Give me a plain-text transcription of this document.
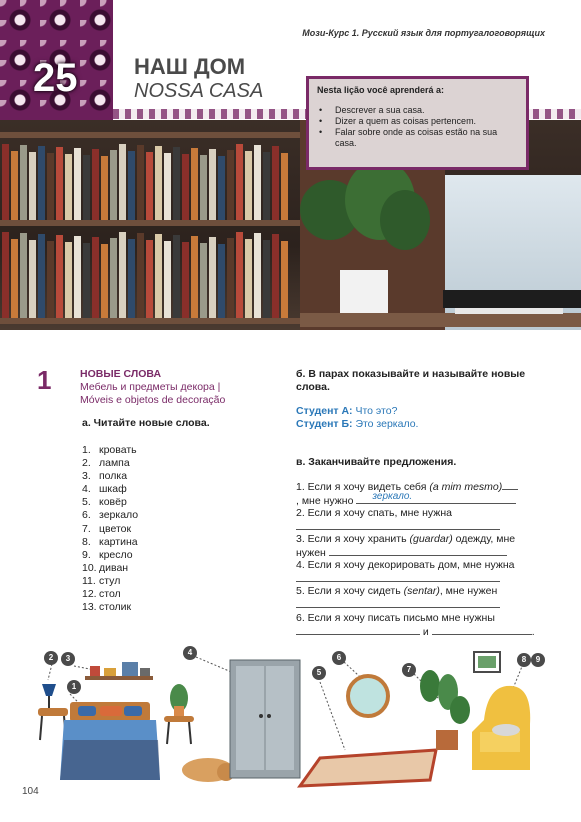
25
Мози-Курс 1. Русский язык для португалоговорящих
НАШ ДОМ
NOSSA CASA	Nesta lição você aprenderá a:
• Descrever a sua casa.
• Dizer a quem as coisas pertencem.
• Falar sobre onde as coisas estão na sua casa.
1	НОВЫЕ СЛОВА
Мебель и предметы декора |
Móveis e objetos de decoração
а. Читайте новые слова.
1. кровать
2. лампа
3. полка
4. шкаф
5. ковёр
6. зеркало
7. цветок
8. картина
9. кресло
10. диван
11. стул
12. стол
13. столик
б. В парах показывайте и называйте новые слова.
Студент А: Что это?
Студент Б: Это зеркало.
в. Заканчивайте предложения.
1. Если я хочу видеть себя (a mim mesmo)
, мне нужно зеркало.
2. Если я хочу спать, мне нужна
3. Если я хочу хранить (guardar) одежду, мне
нужен
4. Если я хочу декорировать дом, мне нужна
5. Если я хочу сидеть (sentar), мне нужен
6. Если я хочу писать письмо мне нужны
и	.
1
2	3
4
5
6
7
8	9
104
